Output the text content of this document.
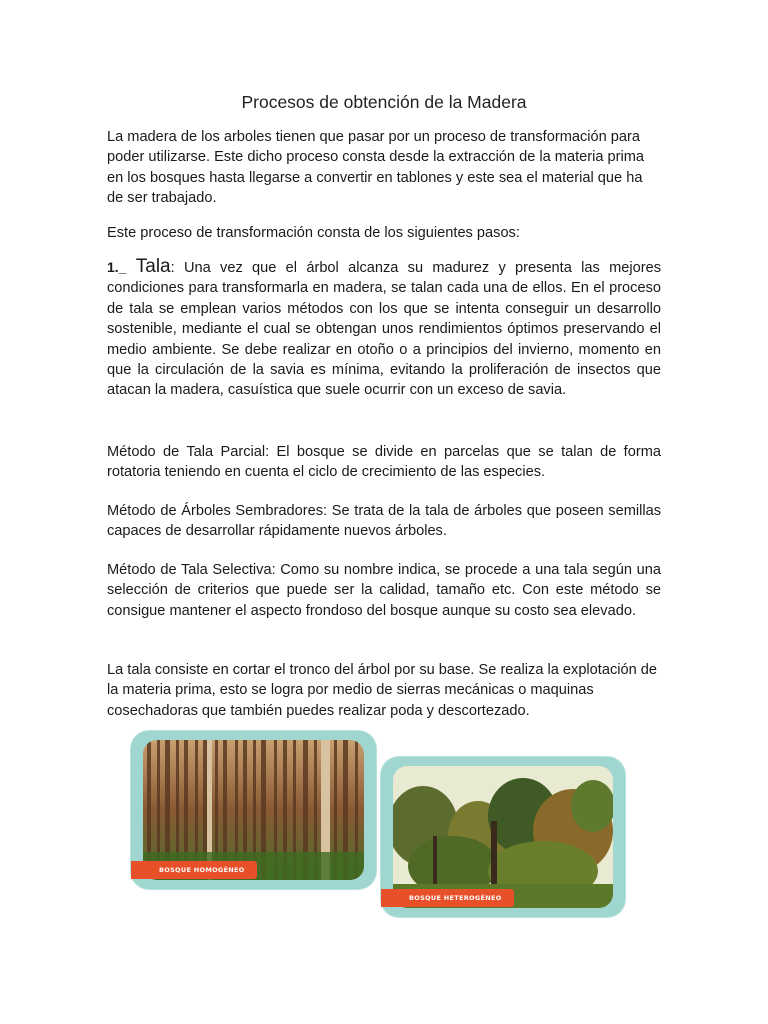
Procesos de obtención de la Madera

La madera de los arboles tienen que pasar por un proceso de transformación para poder utilizarse. Este dicho proceso consta desde la extracción de la materia prima en los bosques hasta llegarse a convertir en tablones y este sea el material que ha de ser trabajado.

Este proceso de transformación consta de los siguientes pasos:

1._ Tala: Una vez que el árbol alcanza su madurez y presenta las mejores condiciones para transformarla en madera, se talan cada una de ellos. En el proceso de tala se emplean varios métodos con los que se intenta conseguir un desarrollo sostenible, mediante el cual se obtengan unos rendimientos óptimos preservando el medio ambiente. Se debe realizar en otoño o a principios del invierno, momento en que la circulación de la savia es mínima, evitando la proliferación de insectos que atacan la madera, casuística que suele ocurrir con un exceso de savia.

Método de Tala Parcial: El bosque se divide en parcelas que se talan de forma rotatoria teniendo en cuenta el ciclo de crecimiento de las especies.

Método de Árboles Sembradores: Se trata de la tala de árboles que poseen semillas capaces de desarrollar rápidamente nuevos árboles.

Método de Tala Selectiva: Como su nombre indica, se procede a una tala según una selección de criterios que puede ser la calidad, tamaño etc. Con este método se consigue mantener el aspecto frondoso del bosque aunque su costo sea elevado.

La tala consiste en cortar el tronco del árbol por su base. Se realiza la explotación de la materia prima, esto se logra por medio de sierras mecánicas o maquinas cosechadoras que también puedes realizar poda y descortezado.

BOSQUE HOMOGÉNEO
BOSQUE HETEROGÉNEO
